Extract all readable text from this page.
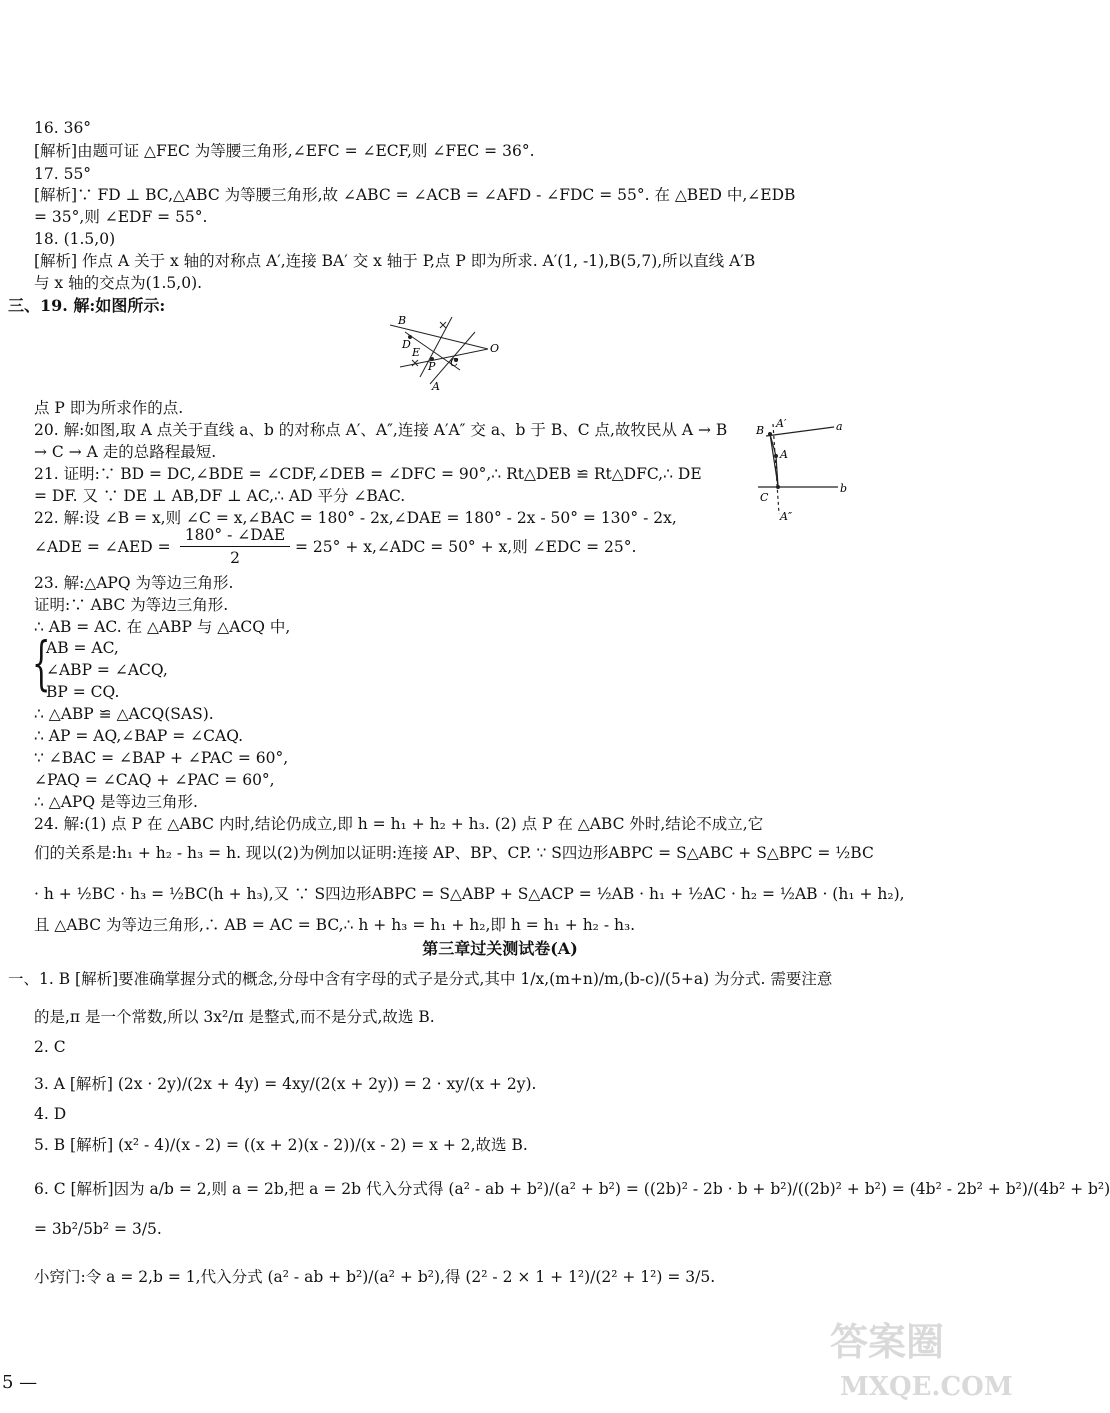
16. 36°
[解析]由题可证 △FEC 为等腰三角形,∠EFC = ∠ECF,则 ∠FEC = 36°.
17. 55°
[解析]∵ FD ⊥ BC,△ABC 为等腰三角形,故 ∠ABC = ∠ACB = ∠AFD - ∠FDC = 55°. 在 △BED 中,∠EDB
= 35°,则 ∠EDF = 55°.
18. (1.5,0)
[解析] 作点 A 关于 x 轴的对称点 A′,连接 BA′ 交 x 轴于 P,点 P 即为所求. A′(1, -1),B(5,7),所以直线 A′B
与 x 轴的交点为(1.5,0).
三、19. 解:如图所示:
B
D
E
C
O
P
A
点 P 即为所求作的点.
20. 解:如图,取 A 点关于直线 a、b 的对称点 A′、A″,连接 A′A″ 交 a、b 于 B、C 点,故牧民从 A → B
→ C → A 走的总路程最短.
B
A′	a
A
C
b
A″
21. 证明:∵ BD = DC,∠BDE = ∠CDF,∠DEB = ∠DFC = 90°,∴ Rt△DEB ≌ Rt△DFC,∴ DE
= DF. 又 ∵ DE ⊥ AB,DF ⊥ AC,∴ AD 平分 ∠BAC.
22. 解:设 ∠B = x,则 ∠C = x,∠BAC = 180° - 2x,∠DAE = 180° - 2x - 50° = 130° - 2x,
∠ADE = ∠AED =
180° - ∠DAE
2
= 25° + x,∠ADC = 50° + x,则 ∠EDC = 25°.
23. 解:△APQ 为等边三角形.
证明:∵ ABC 为等边三角形.
∴ AB = AC. 在 △ABP 与 △ACQ 中,
{
AB = AC,
∠ABP = ∠ACQ,
BP = CQ.
∴ △ABP ≌ △ACQ(SAS).
∴ AP = AQ,∠BAP = ∠CAQ.
∵ ∠BAC = ∠BAP + ∠PAC = 60°,
∠PAQ = ∠CAQ + ∠PAC = 60°,
∴ △APQ 是等边三角形.
24. 解:(1) 点 P 在 △ABC 内时,结论仍成立,即 h = h₁ + h₂ + h₃. (2) 点 P 在 △ABC 外时,结论不成立,它
们的关系是:h₁ + h₂ - h₃ = h. 现以(2)为例加以证明:连接 AP、BP、CP. ∵ S四边形ABPC = S△ABC + S△BPC = ½BC
· h + ½BC · h₃ = ½BC(h + h₃),又 ∵ S四边形ABPC = S△ABP + S△ACP = ½AB · h₁ + ½AC · h₂ = ½AB · (h₁ + h₂),
且 △ABC 为等边三角形,∴ AB = AC = BC,∴ h + h₃ = h₁ + h₂,即 h = h₁ + h₂ - h₃.
第三章过关测试卷(A)
一、1. B [解析]要准确掌握分式的概念,分母中含有字母的式子是分式,其中 1/x,(m+n)/m,(b-c)/(5+a) 为分式. 需要注意
的是,π 是一个常数,所以 3x²/π 是整式,而不是分式,故选 B.
2. C
3. A [解析] (2x · 2y)/(2x + 4y) = 4xy/(2(x + 2y)) = 2 · xy/(x + 2y).
4. D
5. B [解析] (x² - 4)/(x - 2) = ((x + 2)(x - 2))/(x - 2) = x + 2,故选 B.
6. C [解析]因为 a/b = 2,则 a = 2b,把 a = 2b 代入分式得 (a² - ab + b²)/(a² + b²) = ((2b)² - 2b · b + b²)/((2b)² + b²) = (4b² - 2b² + b²)/(4b² + b²)
= 3b²/5b² = 3/5.
小窍门:令 a = 2,b = 1,代入分式 (a² - ab + b²)/(a² + b²),得 (2² - 2 × 1 + 1²)/(2² + 1²) = 3/5.
5 —
答案圈
MXQE.COM
